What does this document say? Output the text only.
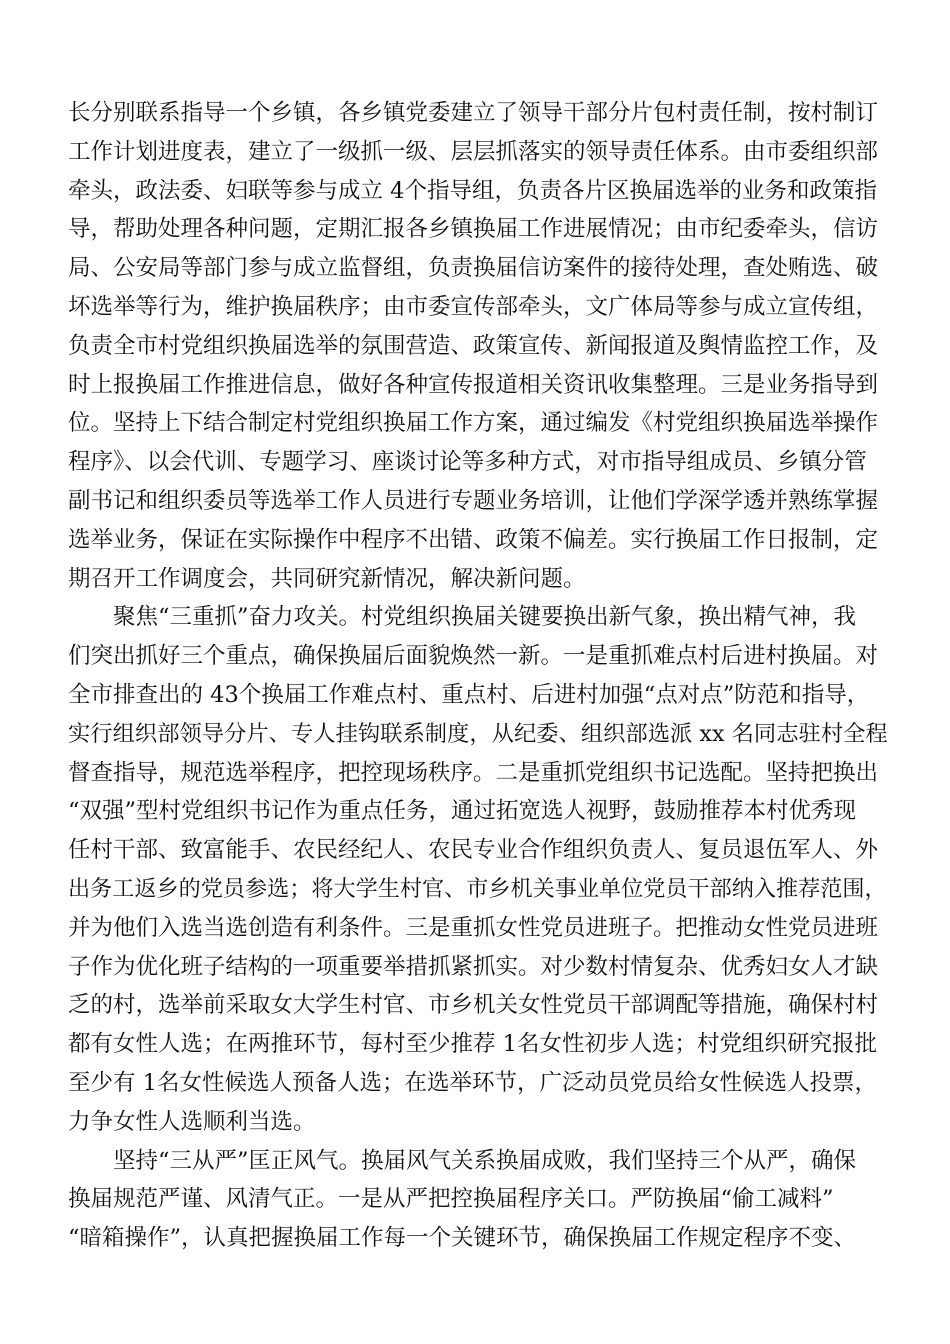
长分别联系指导一个乡镇，各乡镇党委建立了领导干部分片包村责任制，按村制订
工作计划进度表，建立了一级抓一级、层层抓落实的领导责任体系。由市委组织部
牵头，政法委、妇联等参与成立 4个指导组，负责各片区换届选举的业务和政策指
导，帮助处理各种问题，定期汇报各乡镇换届工作进展情况；由市纪委牵头，信访
局、公安局等部门参与成立监督组，负责换届信访案件的接待处理，查处贿选、破
坏选举等行为，维护换届秩序；由市委宣传部牵头，文广体局等参与成立宣传组，
负责全市村党组织换届选举的氛围营造、政策宣传、新闻报道及舆情监控工作，及
时上报换届工作推进信息，做好各种宣传报道相关资讯收集整理。三是业务指导到
位。坚持上下结合制定村党组织换届工作方案，通过编发《村党组织换届选举操作
程序》、以会代训、专题学习、座谈讨论等多种方式，对市指导组成员、乡镇分管
副书记和组织委员等选举工作人员进行专题业务培训，让他们学深学透并熟练掌握
选举业务，保证在实际操作中程序不出错、政策不偏差。实行换届工作日报制，定
期召开工作调度会，共同研究新情况，解决新问题。
聚焦“三重抓”奋力攻关。村党组织换届关键要换出新气象，换出精气神，我
们突出抓好三个重点，确保换届后面貌焕然一新。一是重抓难点村后进村换届。对
全市排查出的 43个换届工作难点村、重点村、后进村加强“点对点”防范和指导，
实行组织部领导分片、专人挂钩联系制度，从纪委、组织部选派 xx 名同志驻村全程
督查指导，规范选举程序，把控现场秩序。二是重抓党组织书记选配。坚持把换出
“双强”型村党组织书记作为重点任务，通过拓宽选人视野，鼓励推荐本村优秀现
任村干部、致富能手、农民经纪人、农民专业合作组织负责人、复员退伍军人、外
出务工返乡的党员参选；将大学生村官、市乡机关事业单位党员干部纳入推荐范围，
并为他们入选当选创造有利条件。三是重抓女性党员进班子。把推动女性党员进班
子作为优化班子结构的一项重要举措抓紧抓实。对少数村情复杂、优秀妇女人才缺
乏的村，选举前采取女大学生村官、市乡机关女性党员干部调配等措施，确保村村
都有女性人选；在两推环节，每村至少推荐 1名女性初步人选；村党组织研究报批
至少有 1名女性候选人预备人选；在选举环节，广泛动员党员给女性候选人投票，
力争女性人选顺利当选。
坚持“三从严”匡正风气。换届风气关系换届成败，我们坚持三个从严，确保
换届规范严谨、风清气正。一是从严把控换届程序关口。严防换届“偷工减料”
“暗箱操作”，认真把握换届工作每一个关键环节，确保换届工作规定程序不变、
